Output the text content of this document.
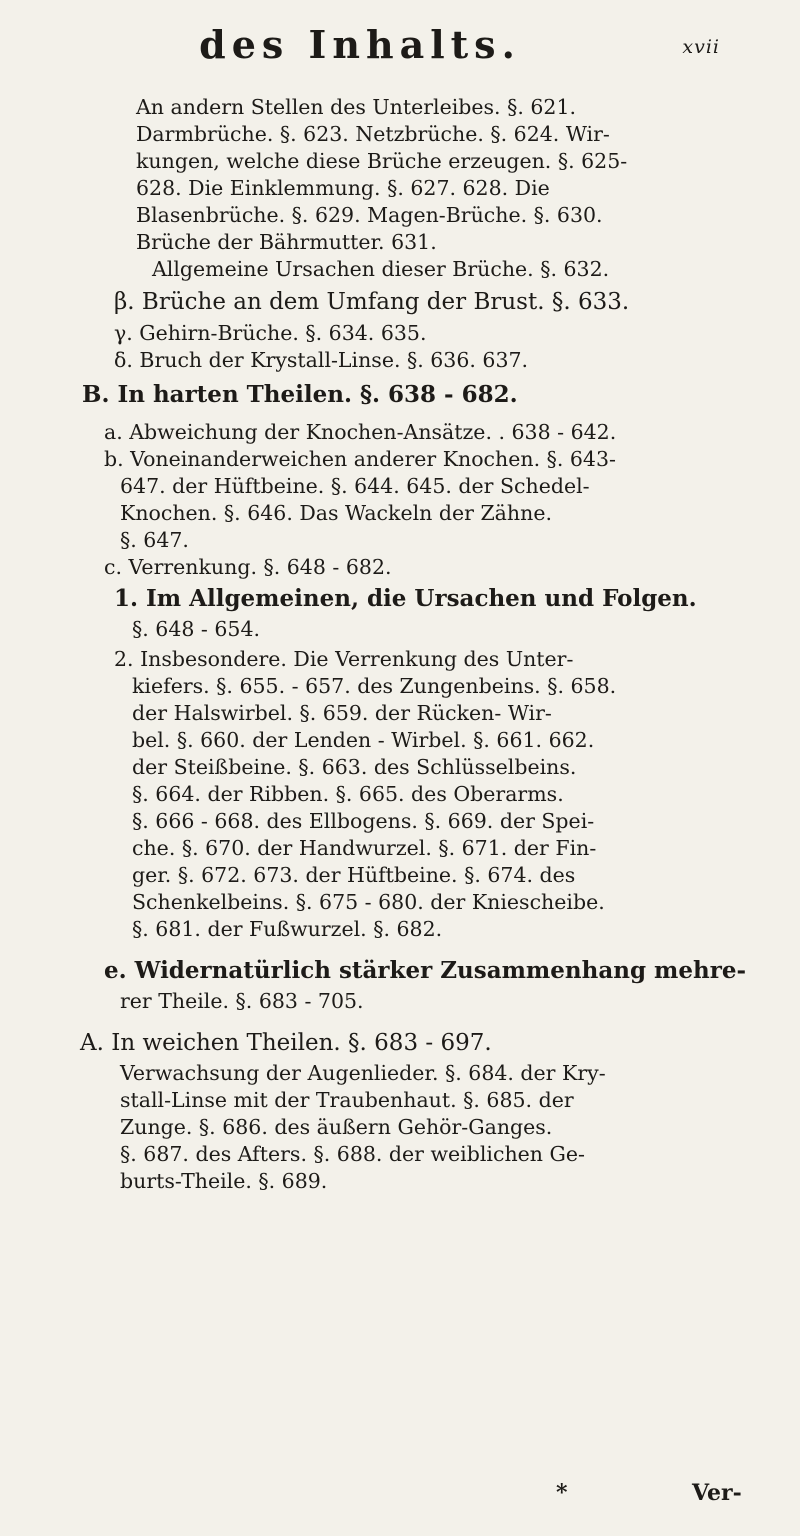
des Inhalts.	xvii
An andern Stellen des Unterleibes. §. 621.
Darmbrüche. §. 623. Netzbrüche. §. 624. Wir-
kungen, welche diese Brüche erzeugen. §. 625-
628. Die Einklemmung. §. 627. 628. Die
Blasenbrüche. §. 629. Magen-Brüche. §. 630.
Brüche der Bährmutter. 631.
Allgemeine Ursachen dieser Brüche. §. 632.
β. Brüche an dem Umfang der Brust. §. 633.
γ. Gehirn-Brüche. §. 634. 635.
δ. Bruch der Krystall-Linse. §. 636. 637.
B. In harten Theilen. §. 638 - 682.
a. Abweichung der Knochen-Ansätze. . 638 - 642.
b. Voneinanderweichen anderer Knochen. §. 643-
647. der Hüftbeine. §. 644. 645. der Schedel-
Knochen. §. 646. Das Wackeln der Zähne.
§. 647.
c. Verrenkung. §. 648 - 682.
1. Im Allgemeinen, die Ursachen und Folgen.
§. 648 - 654.
2. Insbesondere. Die Verrenkung des Unter-
kiefers. §. 655. - 657. des Zungenbeins. §. 658.
der Halswirbel. §. 659. der Rücken- Wir-
bel. §. 660. der Lenden - Wirbel. §. 661. 662.
der Steißbeine. §. 663. des Schlüsselbeins.
§. 664. der Ribben. §. 665. des Oberarms.
§. 666 - 668. des Ellbogens. §. 669. der Spei-
che. §. 670. der Handwurzel. §. 671. der Fin-
ger. §. 672. 673. der Hüftbeine. §. 674. des
Schenkelbeins. §. 675 - 680. der Kniescheibe.
§. 681. der Fußwurzel. §. 682.
e. Widernatürlich stärker Zusammenhang mehre-
rer Theile. §. 683 - 705.
A. In weichen Theilen. §. 683 - 697.
Verwachsung der Augenlieder. §. 684. der Kry-
stall-Linse mit der Traubenhaut. §. 685. der
Zunge. §. 686. des äußern Gehör-Ganges.
§. 687. des Afters. §. 688. der weiblichen Ge-
burts-Theile. §. 689.
*	Ver-
